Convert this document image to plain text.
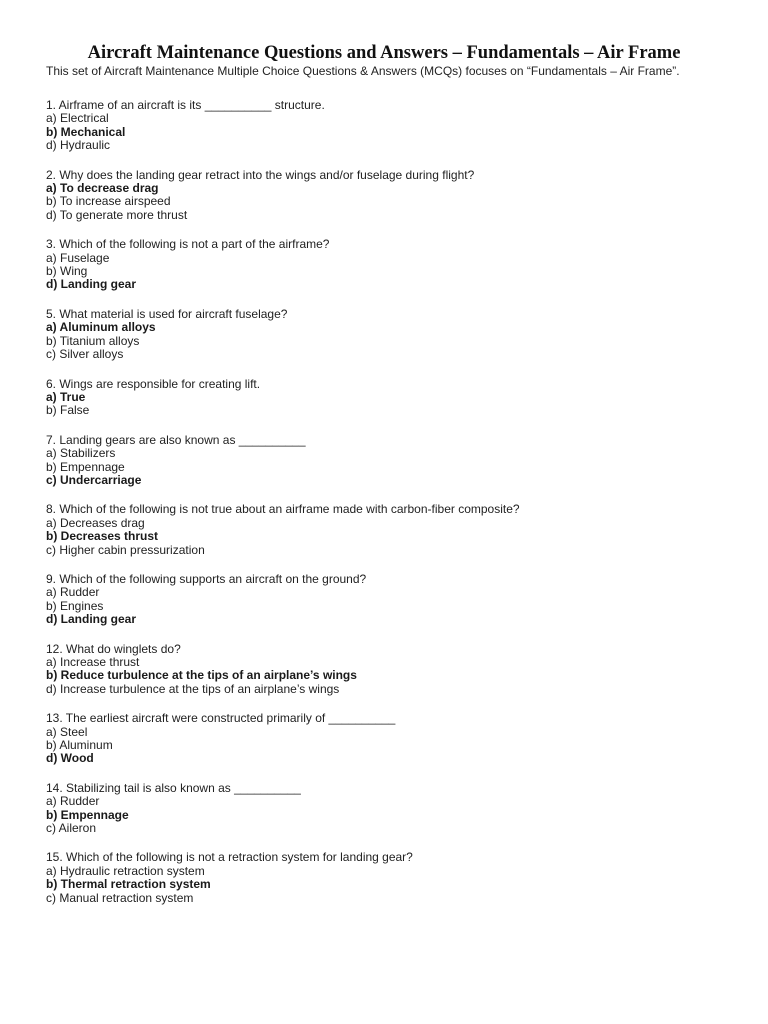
Aircraft Maintenance Questions and Answers – Fundamentals – Air Frame
This set of Aircraft Maintenance Multiple Choice Questions & Answers (MCQs) focuses on “Fundamentals – Air Frame”.
1. Airframe of an aircraft is its __________ structure.
a) Electrical
b) Mechanical
d) Hydraulic
2. Why does the landing gear retract into the wings and/or fuselage during flight?
a) To decrease drag
b) To increase airspeed
d) To generate more thrust
3. Which of the following is not a part of the airframe?
a) Fuselage
b) Wing
d) Landing gear
5. What material is used for aircraft fuselage?
a) Aluminum alloys
b) Titanium alloys
c) Silver alloys
6. Wings are responsible for creating lift.
a) True
b) False
7. Landing gears are also known as __________
a) Stabilizers
b) Empennage
c) Undercarriage
8. Which of the following is not true about an airframe made with carbon-fiber composite?
a) Decreases drag
b) Decreases thrust
c) Higher cabin pressurization
9. Which of the following supports an aircraft on the ground?
a) Rudder
b) Engines
d) Landing gear
12. What do winglets do?
a) Increase thrust
b) Reduce turbulence at the tips of an airplane’s wings
d) Increase turbulence at the tips of an airplane’s wings
13. The earliest aircraft were constructed primarily of __________
a) Steel
b) Aluminum
d) Wood
14. Stabilizing tail is also known as __________
a) Rudder
b) Empennage
c) Aileron
15. Which of the following is not a retraction system for landing gear?
a) Hydraulic retraction system
b) Thermal retraction system
c) Manual retraction system
